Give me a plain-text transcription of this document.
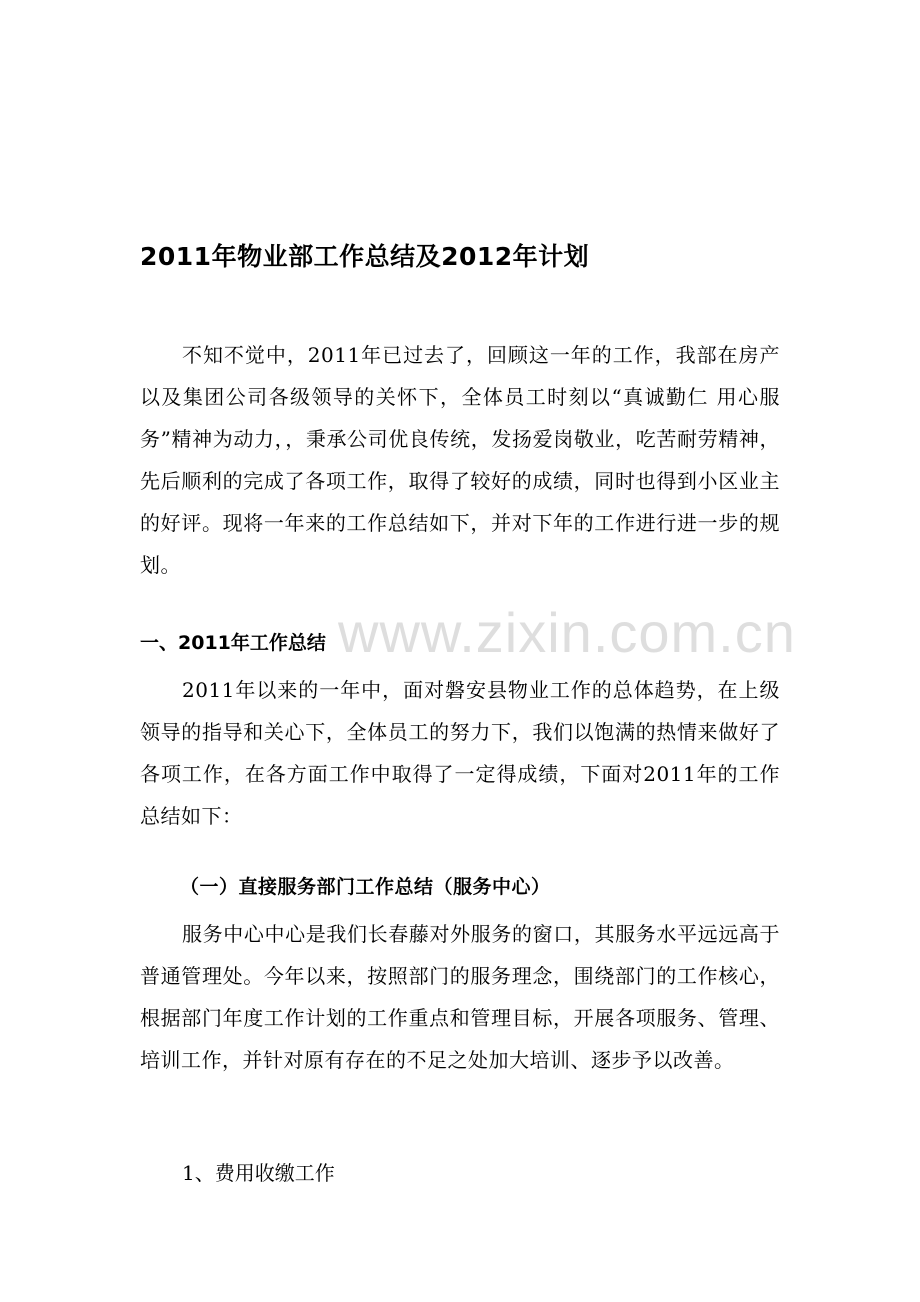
2011年物业部工作总结及2012年计划
不知不觉中，2011年已过去了，回顾这一年的工作，我部在房产以及集团公司各级领导的关怀下，全体员工时刻以“真诚勤仁 用心服务”精神为动力，，秉承公司优良传统，发扬爱岗敬业，吃苦耐劳精神，先后顺利的完成了各项工作，取得了较好的成绩，同时也得到小区业主的好评。现将一年来的工作总结如下，并对下年的工作进行进一步的规划。
一、2011年工作总结
2011年以来的一年中，面对磐安县物业工作的总体趋势，在上级领导的指导和关心下，全体员工的努力下，我们以饱满的热情来做好了各项工作，在各方面工作中取得了一定得成绩，下面对2011年的工作总结如下：
（一）直接服务部门工作总结（服务中心）
服务中心中心是我们长春藤对外服务的窗口，其服务水平远远高于普通管理处。今年以来，按照部门的服务理念，围绕部门的工作核心，根据部门年度工作计划的工作重点和管理目标，开展各项服务、管理、培训工作，并针对原有存在的不足之处加大培训、逐步予以改善。
1、费用收缴工作
www.zixin.com.cn
